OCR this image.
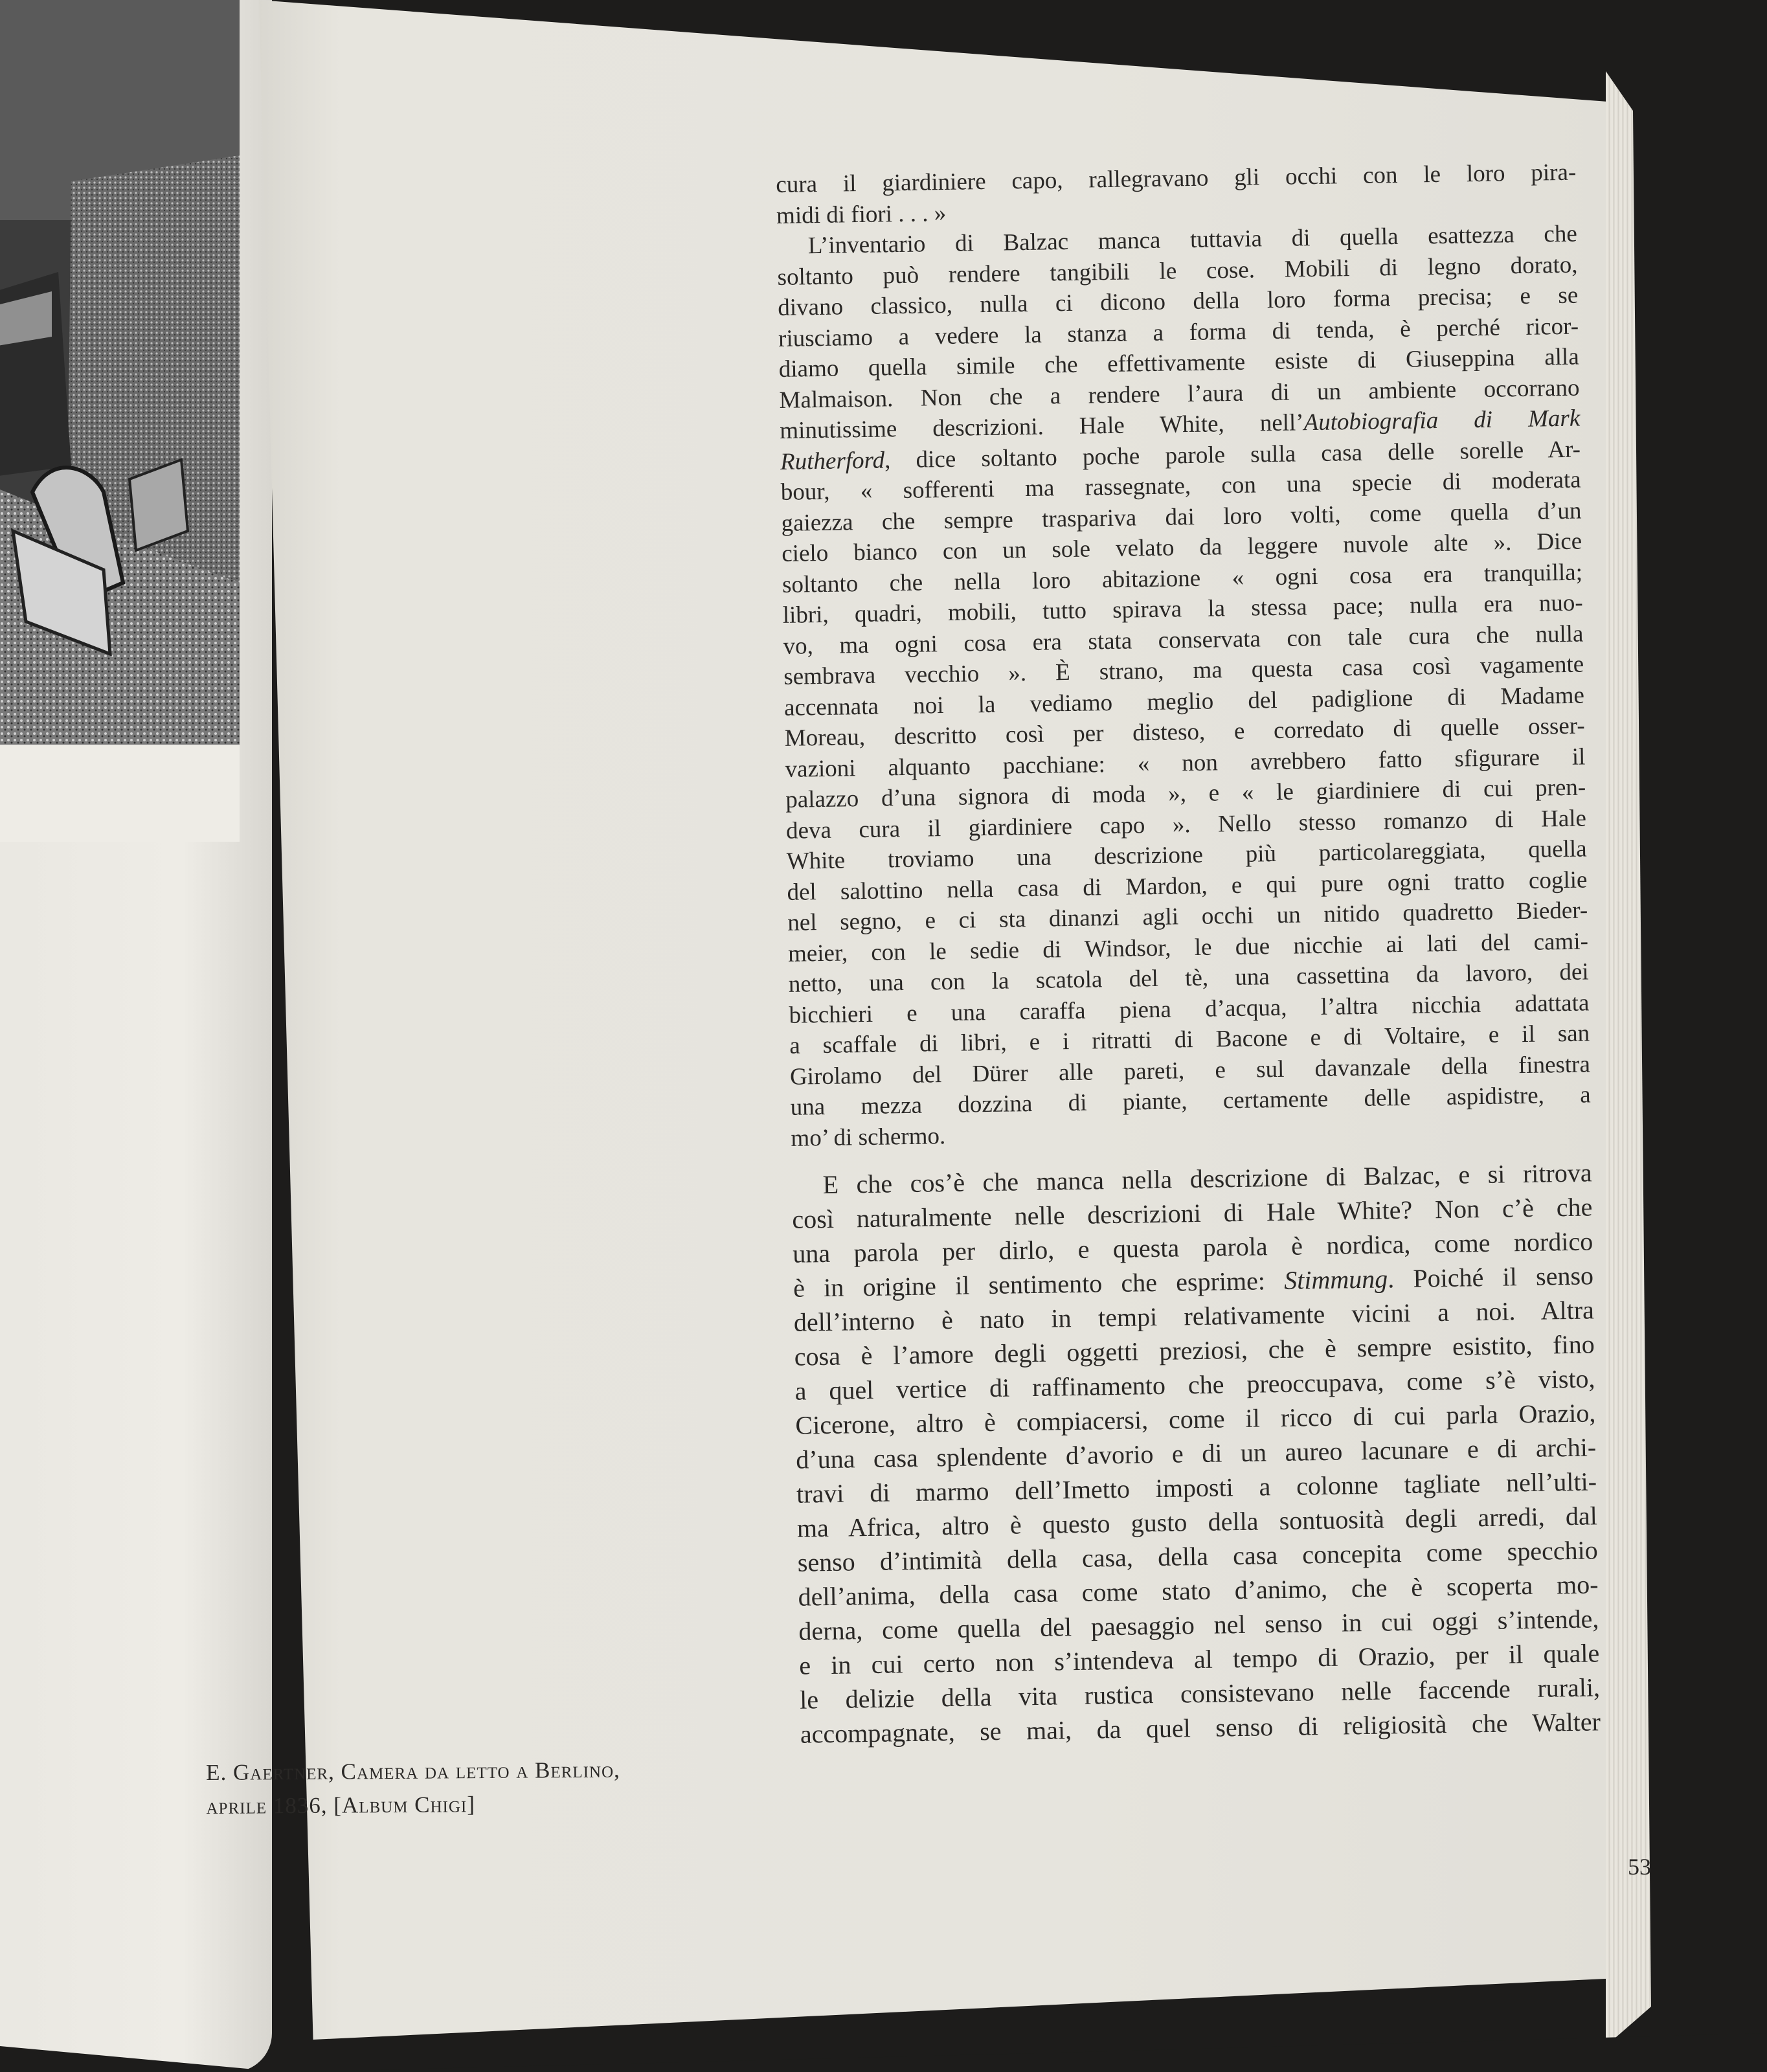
cura il giardiniere capo, rallegravano gli occhi con le loro pira-
midi di fiori . . . »
L’inventario di Balzac manca tuttavia di quella esattezza che
soltanto può rendere tangibili le cose. Mobili di legno dorato,
divano classico, nulla ci dicono della loro forma precisa; e se
riusciamo a vedere la stanza a forma di tenda, è perché ricor-
diamo quella simile che effettivamente esiste di Giuseppina alla
Malmaison. Non che a rendere l’aura di un ambiente occorrano
minutissime descrizioni. Hale White, nell’Autobiografia di Mark
Rutherford, dice soltanto poche parole sulla casa delle sorelle Ar-
bour, « sofferenti ma rassegnate, con una specie di moderata
gaiezza che sempre traspariva dai loro volti, come quella d’un
cielo bianco con un sole velato da leggere nuvole alte ». Dice
soltanto che nella loro abitazione « ogni cosa era tranquilla;
libri, quadri, mobili, tutto spirava la stessa pace; nulla era nuo-
vo, ma ogni cosa era stata conservata con tale cura che nulla
sembrava vecchio ». È strano, ma questa casa così vagamente
accennata noi la vediamo meglio del padiglione di Madame
Moreau, descritto così per disteso, e corredato di quelle osser-
vazioni alquanto pacchiane: « non avrebbero fatto sfigurare il
palazzo d’una signora di moda », e « le giardiniere di cui pren-
deva cura il giardiniere capo ». Nello stesso romanzo di Hale
White troviamo una descrizione più particolareggiata, quella
del salottino nella casa di Mardon, e qui pure ogni tratto coglie
nel segno, e ci sta dinanzi agli occhi un nitido quadretto Bieder-
meier, con le sedie di Windsor, le due nicchie ai lati del cami-
netto, una con la scatola del tè, una cassettina da lavoro, dei
bicchieri e una caraffa piena d’acqua, l’altra nicchia adattata
a scaffale di libri, e i ritratti di Bacone e di Voltaire, e il san
Girolamo del Dürer alle pareti, e sul davanzale della finestra
una mezza dozzina di piante, certamente delle aspidistre, a
mo’ di schermo.
E che cos’è che manca nella descrizione di Balzac, e si ritrova
così naturalmente nelle descrizioni di Hale White? Non c’è che
una parola per dirlo, e questa parola è nordica, come nordico
è in origine il sentimento che esprime: Stimmung. Poiché il senso
dell’interno è nato in tempi relativamente vicini a noi. Altra
cosa è l’amore degli oggetti preziosi, che è sempre esistito, fino
a quel vertice di raffinamento che preoccupava, come s’è visto,
Cicerone, altro è compiacersi, come il ricco di cui parla Orazio,
d’una casa splendente d’avorio e di un aureo lacunare e di archi-
travi di marmo dell’Imetto imposti a colonne tagliate nell’ulti-
ma Africa, altro è questo gusto della sontuosità degli arredi, dal
senso d’intimità della casa, della casa concepita come specchio
dell’anima, della casa come stato d’animo, che è scoperta mo-
derna, come quella del paesaggio nel senso in cui oggi s’intende,
e in cui certo non s’intendeva al tempo di Orazio, per il quale
le delizie della vita rustica consistevano nelle faccende rurali,
accompagnate, se mai, da quel senso di religiosità che Walter
E. Gaertner, Camera da letto a Berlino,
aprile 1836, [Album Chigi]
53
